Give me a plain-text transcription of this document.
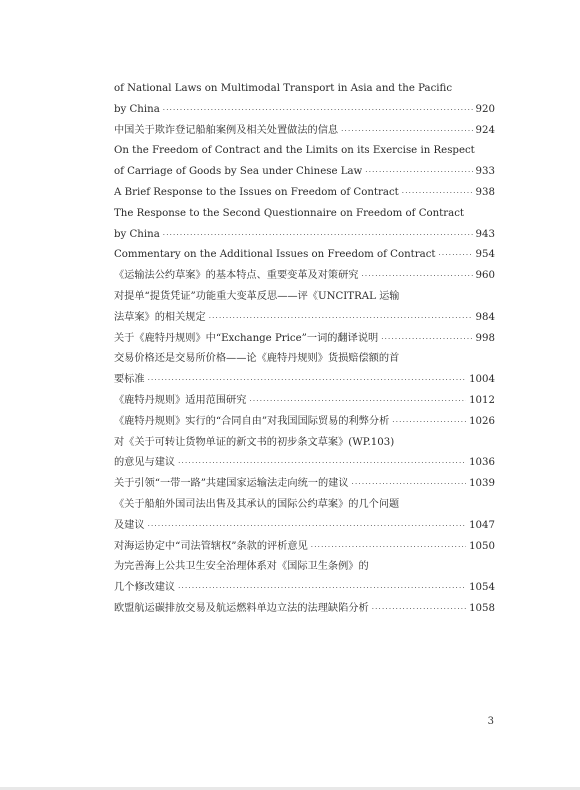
of National Laws on Multimodal Transport in Asia and the Pacific
by China ·····	920
中国关于欺诈登记船舶案例及相关处置做法的信息 ·····	924
On the Freedom of Contract and the Limits on its Exercise in Respect
of Carriage of Goods by Sea under Chinese Law ·····	933
A Brief Response to the Issues on Freedom of Contract ·····	938
The Response to the Second Questionnaire on Freedom of Contract
by China ·····	943
Commentary on the Additional Issues on Freedom of Contract ·····	954
《运输法公约草案》的基本特点、重要变革及对策研究 ·····	960
对提单“提货凭证”功能重大变革反思——评《UNCITRAL 运输
法草案》的相关规定 ·····	984
关于《鹿特丹规则》中“Exchange Price”一词的翻译说明 ·····	998
交易价格还是交易所价格——论《鹿特丹规则》货损赔偿额的首
要标准 ·····	1004
《鹿特丹规则》适用范围研究 ·····	1012
《鹿特丹规则》实行的“合同自由”对我国国际贸易的利弊分析 ·····	1026
对《关于可转让货物单证的新文书的初步条文草案》(WP.103)
的意见与建议 ·····	1036
关于引领“一带一路”共建国家运输法走向统一的建议 ·····	1039
《关于船舶外国司法出售及其承认的国际公约草案》的几个问题
及建议 ·····	1047
对海运协定中“司法管辖权”条款的评析意见 ·····	1050
为完善海上公共卫生安全治理体系对《国际卫生条例》的
几个修改建议 ·····	1054
欧盟航运碳排放交易及航运燃料单边立法的法理缺陷分析 ·····	1058
3
